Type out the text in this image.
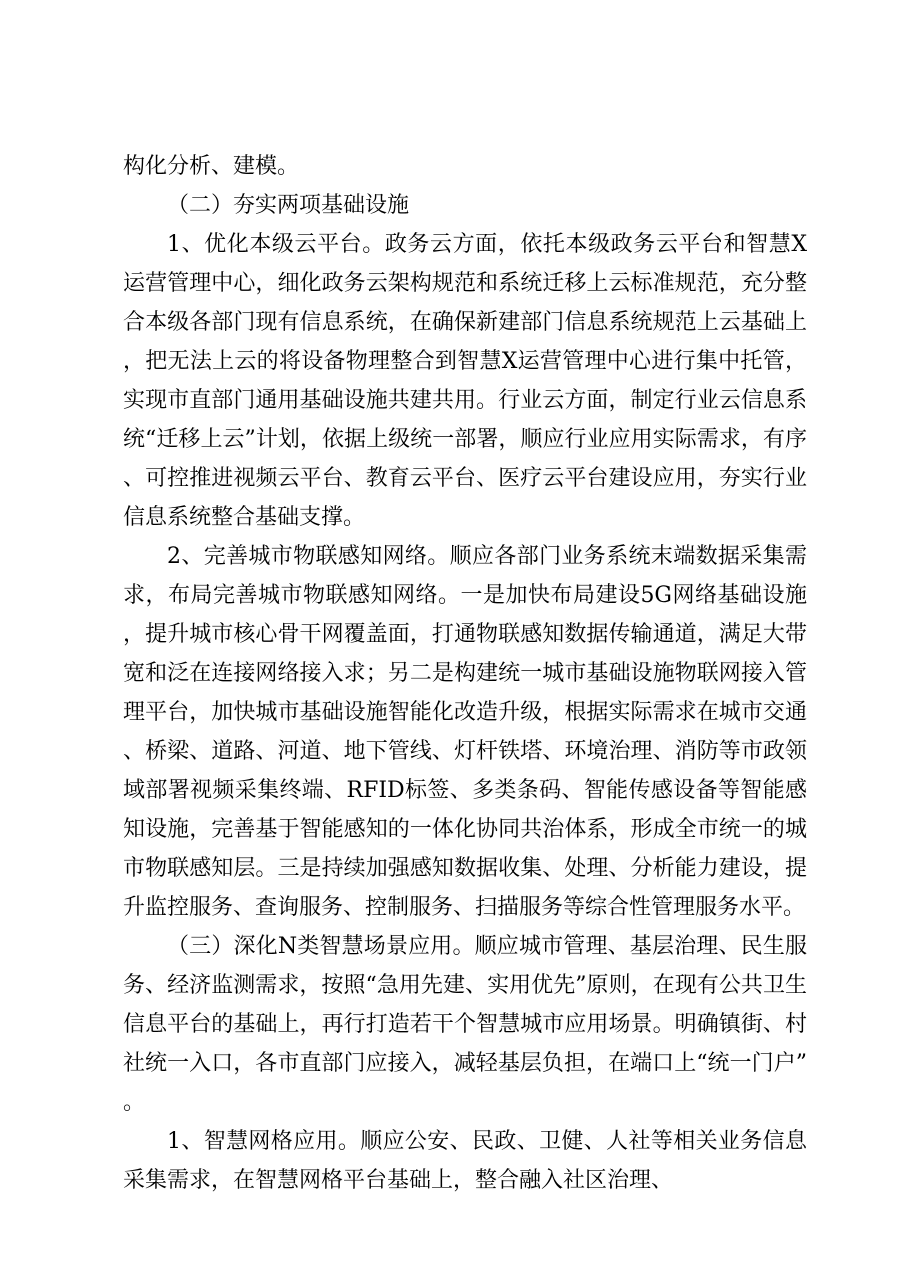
构化分析、建模。

（二）夯实两项基础设施

1、优化本级云平台。政务云方面，依托本级政务云平台和智慧X运营管理中心，细化政务云架构规范和系统迁移上云标准规范，充分整合本级各部门现有信息系统，在确保新建部门信息系统规范上云基础上，把无法上云的将设备物理整合到智慧X运营管理中心进行集中托管，实现市直部门通用基础设施共建共用。行业云方面，制定行业云信息系统“迁移上云”计划，依据上级统一部署，顺应行业应用实际需求，有序、可控推进视频云平台、教育云平台、医疗云平台建设应用，夯实行业信息系统整合基础支撑。

2、完善城市物联感知网络。顺应各部门业务系统末端数据采集需求，布局完善城市物联感知网络。一是加快布局建设5G网络基础设施，提升城市核心骨干网覆盖面，打通物联感知数据传输通道，满足大带宽和泛在连接网络接入求；另二是构建统一城市基础设施物联网接入管理平台，加快城市基础设施智能化改造升级，根据实际需求在城市交通、桥梁、道路、河道、地下管线、灯杆铁塔、环境治理、消防等市政领域部署视频采集终端、RFID标签、多类条码、智能传感设备等智能感知设施，完善基于智能感知的一体化协同共治体系，形成全市统一的城市物联感知层。三是持续加强感知数据收集、处理、分析能力建设，提升监控服务、查询服务、控制服务、扫描服务等综合性管理服务水平。

（三）深化N类智慧场景应用。顺应城市管理、基层治理、民生服务、经济监测需求，按照“急用先建、实用优先”原则，在现有公共卫生信息平台的基础上，再行打造若干个智慧城市应用场景。明确镇街、村社统一入口，各市直部门应接入，减轻基层负担，在端口上“统一门户”。

1、智慧网格应用。顺应公安、民政、卫健、人社等相关业务信息采集需求，在智慧网格平台基础上，整合融入社区治理、
